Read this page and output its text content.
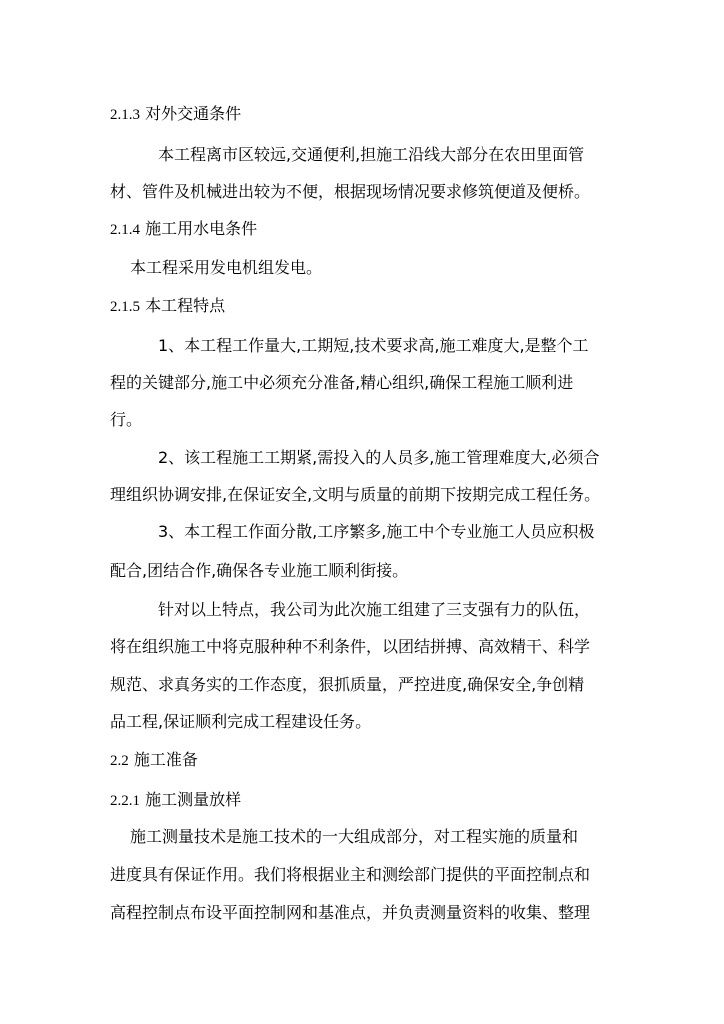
2.1.3 对外交通条件
本工程离市区较远,交通便利,担施工沿线大部分在农田里面管
材、管件及机械进出较为不便，根据现场情况要求修筑便道及便桥。
2.1.4 施工用水电条件
本工程采用发电机组发电。
2.1.5 本工程特点
1、本工程工作量大,工期短,技术要求高,施工难度大,是整个工
程的关键部分,施工中必须充分准备,精心组织,确保工程施工顺利进
行。
2、该工程施工工期紧,需投入的人员多,施工管理难度大,必须合
理组织协调安排,在保证安全,文明与质量的前期下按期完成工程任务。
3、本工程工作面分散,工序繁多,施工中个专业施工人员应积极
配合,团结合作,确保各专业施工顺利街接。
针对以上特点，我公司为此次施工组建了三支强有力的队伍，
将在组织施工中将克服种种不利条件，以团结拼搏、高效精干、科学
规范、求真务实的工作态度，狠抓质量，严控进度,确保安全,争创精
品工程,保证顺利完成工程建设任务。
2.2 施工准备
2.2.1 施工测量放样
施工测量技术是施工技术的一大组成部分，对工程实施的质量和
进度具有保证作用。我们将根据业主和测绘部门提供的平面控制点和
高程控制点布设平面控制网和基准点，并负责测量资料的收集、整理
